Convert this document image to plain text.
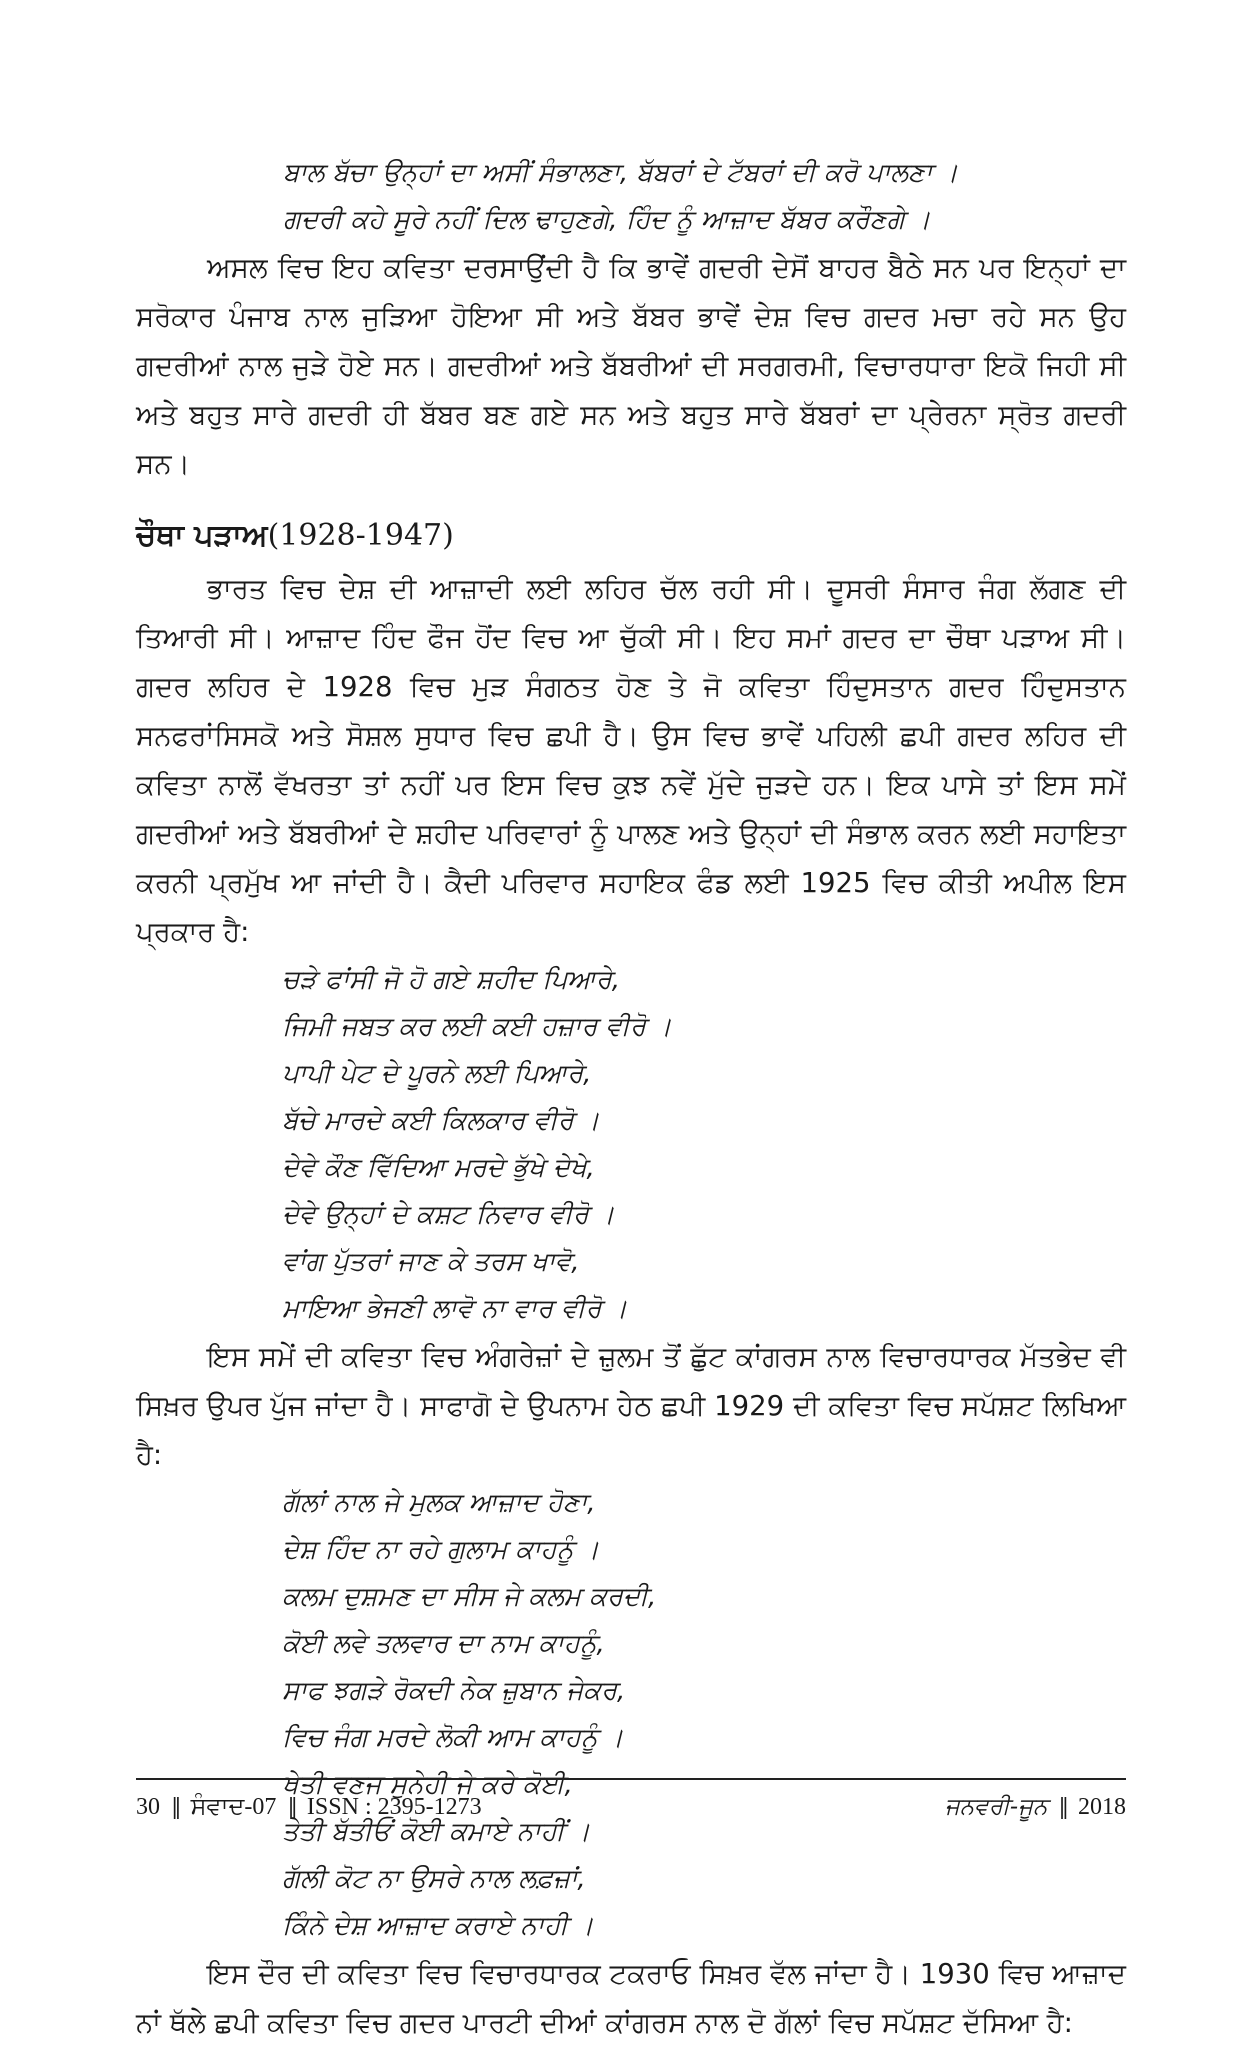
ਬਾਲ ਬੱਚਾ ਉਨ੍ਹਾਂ ਦਾ ਅਸੀਂ ਸੰਭਾਲਣਾ, ਬੱਬਰਾਂ ਦੇ ਟੱਬਰਾਂ ਦੀ ਕਰੋ ਪਾਲਣਾ ।
ਗਦਰੀ ਕਹੇ ਸੂਰੇ ਨਹੀਂ ਦਿਲ ਢਾਹੁਣਗੇ, ਹਿੰਦ ਨੂੰ ਆਜ਼ਾਦ ਬੱਬਰ ਕਰੌਣਗੇ ।

ਅਸਲ ਵਿਚ ਇਹ ਕਵਿਤਾ ਦਰਸਾਉਂਦੀ ਹੈ ਕਿ ਭਾਵੇਂ ਗਦਰੀ ਦੇਸੋਂ ਬਾਹਰ ਬੈਠੇ ਸਨ ਪਰ ਇਨ੍ਹਾਂ ਦਾ ਸਰੋਕਾਰ ਪੰਜਾਬ ਨਾਲ ਜੁੜਿਆ ਹੋਇਆ ਸੀ ਅਤੇ ਬੱਬਰ ਭਾਵੇਂ ਦੇਸ਼ ਵਿਚ ਗਦਰ ਮਚਾ ਰਹੇ ਸਨ ਉਹ ਗਦਰੀਆਂ ਨਾਲ ਜੁੜੇ ਹੋਏ ਸਨ। ਗਦਰੀਆਂ ਅਤੇ ਬੱਬਰੀਆਂ ਦੀ ਸਰਗਰਮੀ, ਵਿਚਾਰਧਾਰਾ ਇਕੋ ਜਿਹੀ ਸੀ ਅਤੇ ਬਹੁਤ ਸਾਰੇ ਗਦਰੀ ਹੀ ਬੱਬਰ ਬਣ ਗਏ ਸਨ ਅਤੇ ਬਹੁਤ ਸਾਰੇ ਬੱਬਰਾਂ ਦਾ ਪ੍ਰੇਰਨਾ ਸ੍ਰੋਤ ਗਦਰੀ ਸਨ।

ਚੌਥਾ ਪੜਾਅ(1928-1947)

ਭਾਰਤ ਵਿਚ ਦੇਸ਼ ਦੀ ਆਜ਼ਾਦੀ ਲਈ ਲਹਿਰ ਚੱਲ ਰਹੀ ਸੀ। ਦੂਸਰੀ ਸੰਸਾਰ ਜੰਗ ਲੱਗਣ ਦੀ ਤਿਆਰੀ ਸੀ। ਆਜ਼ਾਦ ਹਿੰਦ ਫੌਜ ਹੋਂਦ ਵਿਚ ਆ ਚੁੱਕੀ ਸੀ। ਇਹ ਸਮਾਂ ਗਦਰ ਦਾ ਚੌਥਾ ਪੜਾਅ ਸੀ। ਗਦਰ ਲਹਿਰ ਦੇ 1928 ਵਿਚ ਮੁੜ ਸੰਗਠਤ ਹੋਣ ਤੇ ਜੋ ਕਵਿਤਾ ਹਿੰਦੁਸਤਾਨ ਗਦਰ ਹਿੰਦੁਸਤਾਨ ਸਨਫਰਾਂਸਿਸਕੋ ਅਤੇ ਸੋਸ਼ਲ ਸੁਧਾਰ ਵਿਚ ਛਪੀ ਹੈ। ਉਸ ਵਿਚ ਭਾਵੇਂ ਪਹਿਲੀ ਛਪੀ ਗਦਰ ਲਹਿਰ ਦੀ ਕਵਿਤਾ ਨਾਲੋਂ ਵੱਖਰਤਾ ਤਾਂ ਨਹੀਂ ਪਰ ਇਸ ਵਿਚ ਕੁਝ ਨਵੇਂ ਮੁੱਦੇ ਜੁੜਦੇ ਹਨ। ਇਕ ਪਾਸੇ ਤਾਂ ਇਸ ਸਮੇਂ ਗਦਰੀਆਂ ਅਤੇ ਬੱਬਰੀਆਂ ਦੇ ਸ਼ਹੀਦ ਪਰਿਵਾਰਾਂ ਨੂੰ ਪਾਲਣ ਅਤੇ ਉਨ੍ਹਾਂ ਦੀ ਸੰਭਾਲ ਕਰਨ ਲਈ ਸਹਾਇਤਾ ਕਰਨੀ ਪ੍ਰਮੁੱਖ ਆ ਜਾਂਦੀ ਹੈ। ਕੈਦੀ ਪਰਿਵਾਰ ਸਹਾਇਕ ਫੰਡ ਲਈ 1925 ਵਿਚ ਕੀਤੀ ਅਪੀਲ ਇਸ ਪ੍ਰਕਾਰ ਹੈ:

ਚੜੇ ਫਾਂਸੀ ਜੋ ਹੋ ਗਏ ਸ਼ਹੀਦ ਪਿਆਰੇ,
ਜਿਮੀ ਜਬਤ ਕਰ ਲਈ ਕਈ ਹਜ਼ਾਰ ਵੀਰੋ ।
ਪਾਪੀ ਪੇਟ ਦੇ ਪੂਰਨੇ ਲਈ ਪਿਆਰੇ,
ਬੱਚੇ ਮਾਰਦੇ ਕਈ ਕਿਲਕਾਰ ਵੀਰੋ ।
ਦੇਵੇ ਕੌਣ ਵਿੱਦਿਆ ਮਰਦੇ ਭੁੱਖੇ ਦੇਖੇ,
ਦੇਵੇ ਉਨ੍ਹਾਂ ਦੇ ਕਸ਼ਟ ਨਿਵਾਰ ਵੀਰੋ ।
ਵਾਂਗ ਪੁੱਤਰਾਂ ਜਾਣ ਕੇ ਤਰਸ ਖਾਵੋ,
ਮਾਇਆ ਭੇਜਣੀ ਲਾਵੋ ਨਾ ਵਾਰ ਵੀਰੋ ।

ਇਸ ਸਮੇਂ ਦੀ ਕਵਿਤਾ ਵਿਚ ਅੰਗਰੇਜ਼ਾਂ ਦੇ ਜ਼ੁਲਮ ਤੋਂ ਛੁੱਟ ਕਾਂਗਰਸ ਨਾਲ ਵਿਚਾਰਧਾਰਕ ਮੱਤਭੇਦ ਵੀ ਸਿਖ਼ਰ ਉਪਰ ਪੁੱਜ ਜਾਂਦਾ ਹੈ। ਸਾਫਾਗੋ ਦੇ ਉਪਨਾਮ ਹੇਠ ਛਪੀ 1929 ਦੀ ਕਵਿਤਾ ਵਿਚ ਸਪੱਸ਼ਟ ਲਿਖਿਆ ਹੈ:

ਗੱਲਾਂ ਨਾਲ ਜੇ ਮੁਲਕ ਆਜ਼ਾਦ ਹੋਣਾ,
ਦੇਸ਼ ਹਿੰਦ ਨਾ ਰਹੇ ਗੁਲਾਮ ਕਾਹਨੂੰ ।
ਕਲਮ ਦੁਸ਼ਮਣ ਦਾ ਸੀਸ ਜੇ ਕਲਮ ਕਰਦੀ,
ਕੋਈ ਲਵੇ ਤਲਵਾਰ ਦਾ ਨਾਮ ਕਾਹਨੂੰ,
ਸਾਫ ਝਗੜੇ ਰੋਕਦੀ ਨੇਕ ਜ਼ੁਬਾਨ ਜੇਕਰ,
ਵਿਚ ਜੰਗ ਮਰਦੇ ਲੋਕੀ ਆਮ ਕਾਹਨੂੰ ।
ਖੇਤੀ ਵਣਜ ਸੁਨੇਹੀ ਜੇ ਕਰੇ ਕੋਈ,
ਤੇਤੀ ਬੱਤੀਓਂ ਕੋਈ ਕਮਾਏ ਨਾਹੀਂ ।
ਗੱਲੀ ਕੋਟ ਨਾ ਉਸਰੇ ਨਾਲ ਲਫ਼ਜ਼ਾਂ,
ਕਿੰਨੇ ਦੇਸ਼ ਆਜ਼ਾਦ ਕਰਾਏ ਨਾਹੀ ।

ਇਸ ਦੌਰ ਦੀ ਕਵਿਤਾ ਵਿਚ ਵਿਚਾਰਧਾਰਕ ਟਕਰਾਓ ਸਿਖ਼ਰ ਵੱਲ ਜਾਂਦਾ ਹੈ। 1930 ਵਿਚ ਆਜ਼ਾਦ ਨਾਂ ਥੱਲੇ ਛਪੀ ਕਵਿਤਾ ਵਿਚ ਗਦਰ ਪਾਰਟੀ ਦੀਆਂ ਕਾਂਗਰਸ ਨਾਲ ਦੋ ਗੱਲਾਂ ਵਿਚ ਸਪੱਸ਼ਟ ਦੱਸਿਆ ਹੈ:

30 || ਸੰਵਾਦ-07 || ISSN : 2395-1273	ਜਨਵਰੀ-ਜੂਨ || 2018
